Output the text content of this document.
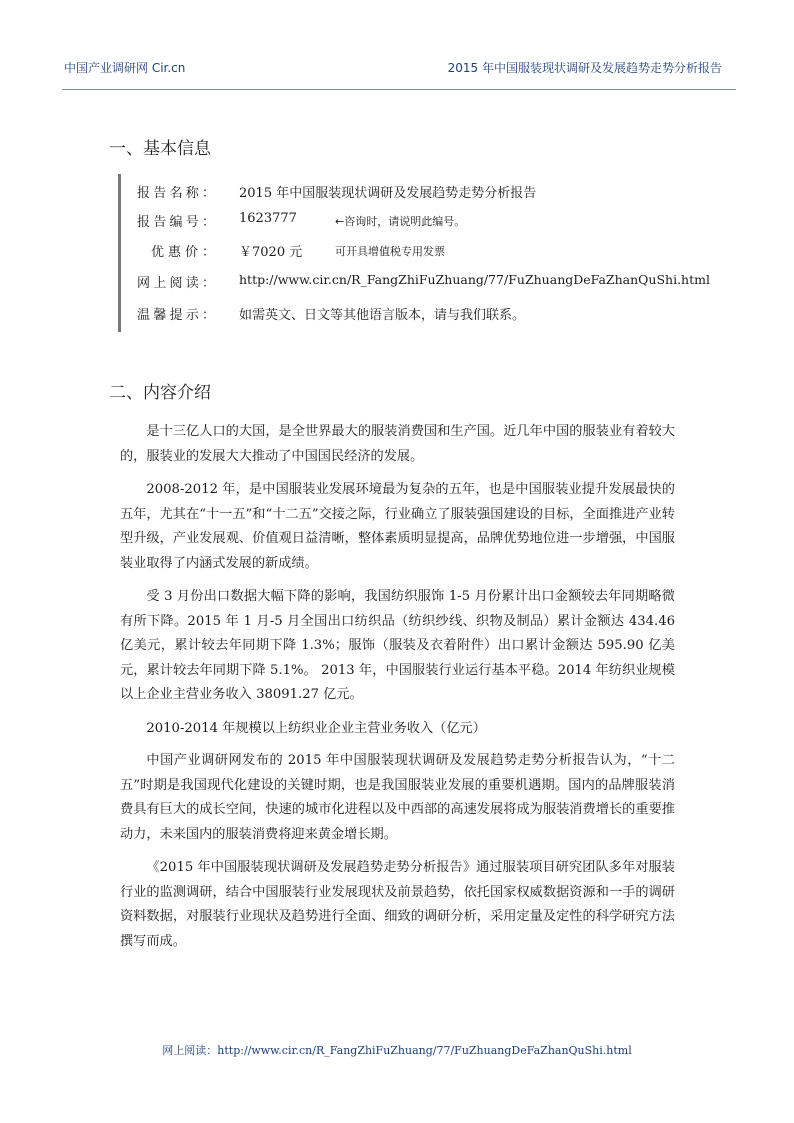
中国产业调研网 Cir.cn	2015 年中国服装现状调研及发展趋势走势分析报告
一、基本信息
报告名称： 2015 年中国服装现状调研及发展趋势走势分析报告
报告编号： 1623777	←咨询时，请说明此编号。
优惠价： ￥7020 元	可开具增值税专用发票
网上阅读： http://www.cir.cn/R_FangZhiFuZhuang/77/FuZhuangDeFaZhanQuShi.html
温馨提示： 如需英文、日文等其他语言版本，请与我们联系。
二、内容介绍

是十三亿人口的大国，是全世界最大的服装消费国和生产国。近几年中国的服装业有着较大的，服装业的发展大大推动了中国国民经济的发展。

2008-2012 年，是中国服装业发展环境最为复杂的五年，也是中国服装业提升发展最快的五年，尤其在“十一五”和“十二五”交接之际，行业确立了服装强国建设的目标，全面推进产业转型升级，产业发展观、价值观日益清晰，整体素质明显提高，品牌优势地位进一步增强，中国服装业取得了内涵式发展的新成绩。

受 3 月份出口数据大幅下降的影响，我国纺织服饰 1-5 月份累计出口金额较去年同期略微有所下降。2015 年 1 月-5 月全国出口纺织品（纺织纱线、织物及制品）累计金额达 434.46 亿美元，累计较去年同期下降 1.3%；服饰（服装及衣着附件）出口累计金额达 595.90 亿美元，累计较去年同期下降 5.1%。 2013 年，中国服装行业运行基本平稳。2014 年纺织业规模以上企业主营业务收入 38091.27 亿元。

2010-2014 年规模以上纺织业企业主营业务收入（亿元）

中国产业调研网发布的 2015 年中国服装现状调研及发展趋势走势分析报告认为，“十二五”时期是我国现代化建设的关键时期，也是我国服装业发展的重要机遇期。国内的品牌服装消费具有巨大的成长空间，快速的城市化进程以及中西部的高速发展将成为服装消费增长的重要推动力，未来国内的服装消费将迎来黄金增长期。

《2015 年中国服装现状调研及发展趋势走势分析报告》通过服装项目研究团队多年对服装行业的监测调研，结合中国服装行业发展现状及前景趋势，依托国家权威数据资源和一手的调研资料数据，对服装行业现状及趋势进行全面、细致的调研分析，采用定量及定性的科学研究方法撰写而成。

网上阅读：http://www.cir.cn/R_FangZhiFuZhuang/77/FuZhuangDeFaZhanQuShi.html
